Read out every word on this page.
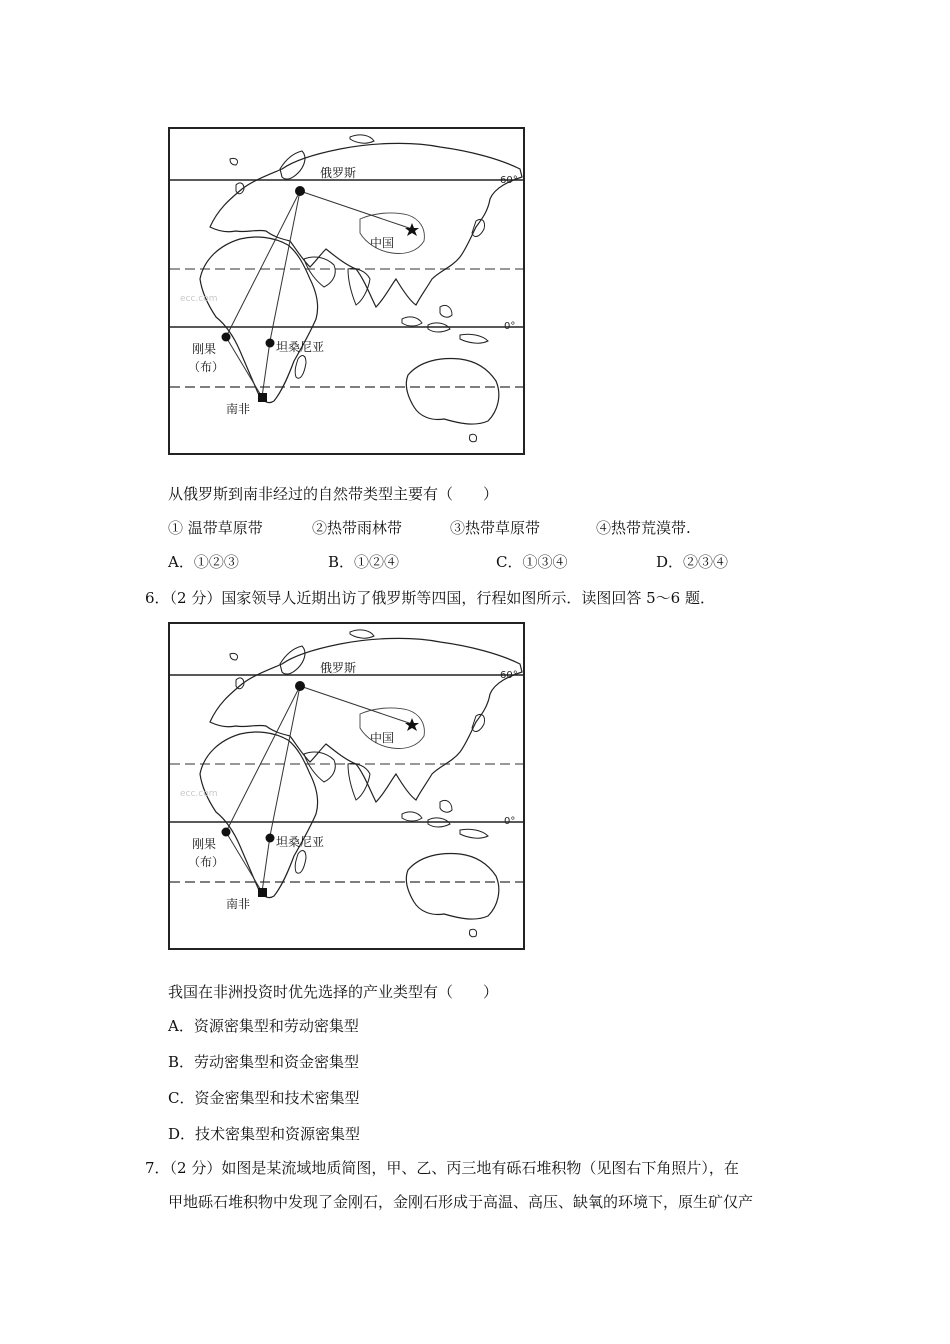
ecc.com
俄罗斯
中国
刚果
（布）
坦桑尼亚
南非
60°
0°
从俄罗斯到南非经过的自然带类型主要有（　　）
① 温带草原带	②热带雨林带	③热带草原带	④热带荒漠带.
A．①②③	B．①②④	C．①③④	D．②③④
6．（2 分）国家领导人近期出访了俄罗斯等四国，行程如图所示．读图回答 5～6 题．
ecc.com
俄罗斯
中国
刚果
（布）
坦桑尼亚
南非
60°
0°
我国在非洲投资时优先选择的产业类型有（　　）
A．资源密集型和劳动密集型
B．劳动密集型和资金密集型
C．资金密集型和技术密集型
D．技术密集型和资源密集型
7．（2 分）如图是某流域地质简图，甲、乙、丙三地有砾石堆积物（见图右下角照片），在
甲地砾石堆积物中发现了金刚石，金刚石形成于高温、高压、缺氧的环境下，原生矿仅产
